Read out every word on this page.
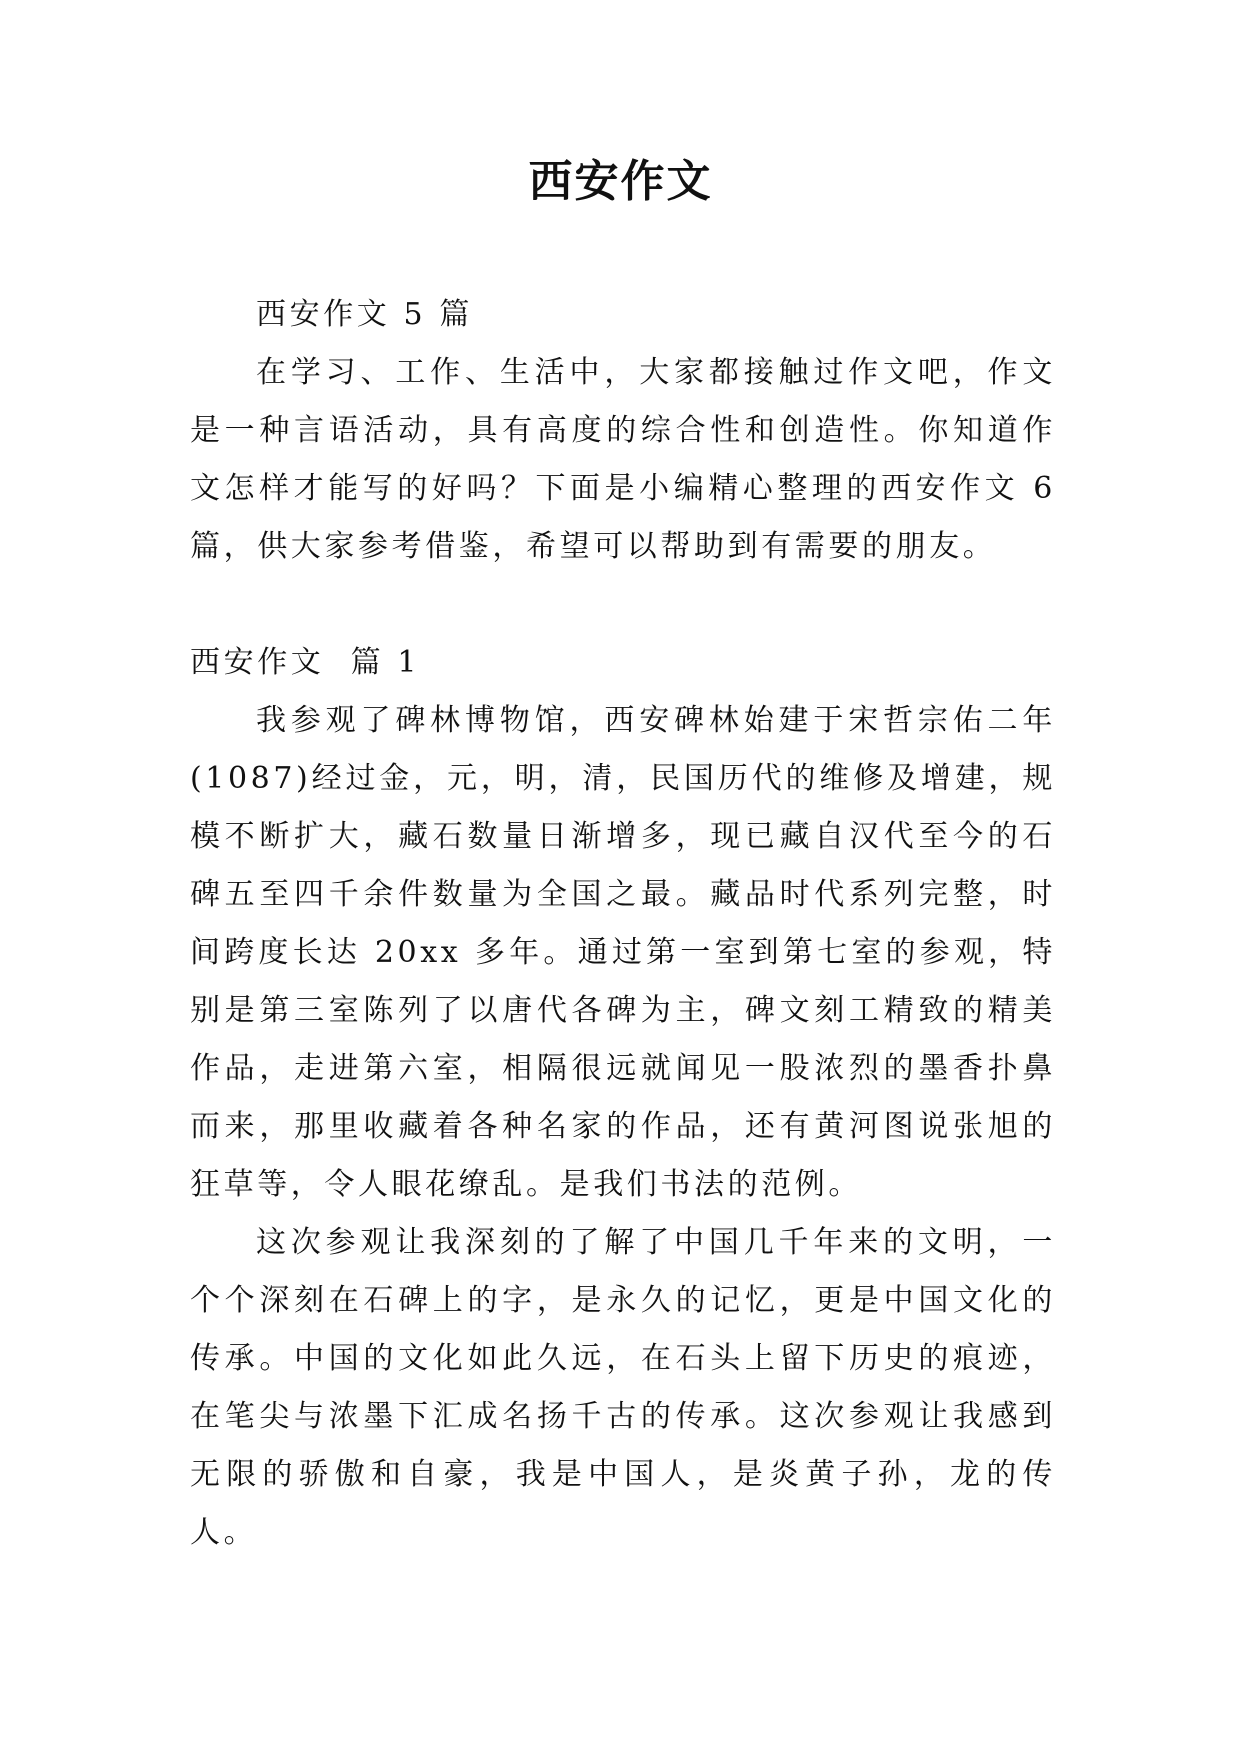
西安作文

西安作文 5 篇

在学习、工作、生活中，大家都接触过作文吧，作文是一种言语活动，具有高度的综合性和创造性。你知道作文怎样才能写的好吗？下面是小编精心整理的西安作文 6 篇，供大家参考借鉴，希望可以帮助到有需要的朋友。

西安作文  篇 1

我参观了碑林博物馆，西安碑林始建于宋哲宗佑二年(1087)经过金，元，明，清，民国历代的维修及增建，规模不断扩大，藏石数量日渐增多，现已藏自汉代至今的石碑五至四千余件数量为全国之最。藏品时代系列完整，时间跨度长达 20xx 多年。通过第一室到第七室的参观，特别是第三室陈列了以唐代各碑为主，碑文刻工精致的精美作品，走进第六室，相隔很远就闻见一股浓烈的墨香扑鼻而来，那里收藏着各种名家的作品，还有黄河图说张旭的狂草等，令人眼花缭乱。是我们书法的范例。

这次参观让我深刻的了解了中国几千年来的文明，一个个深刻在石碑上的字，是永久的记忆，更是中国文化的传承。中国的文化如此久远，在石头上留下历史的痕迹，在笔尖与浓墨下汇成名扬千古的传承。这次参观让我感到无限的骄傲和自豪，我是中国人，是炎黄子孙，龙的传人。
